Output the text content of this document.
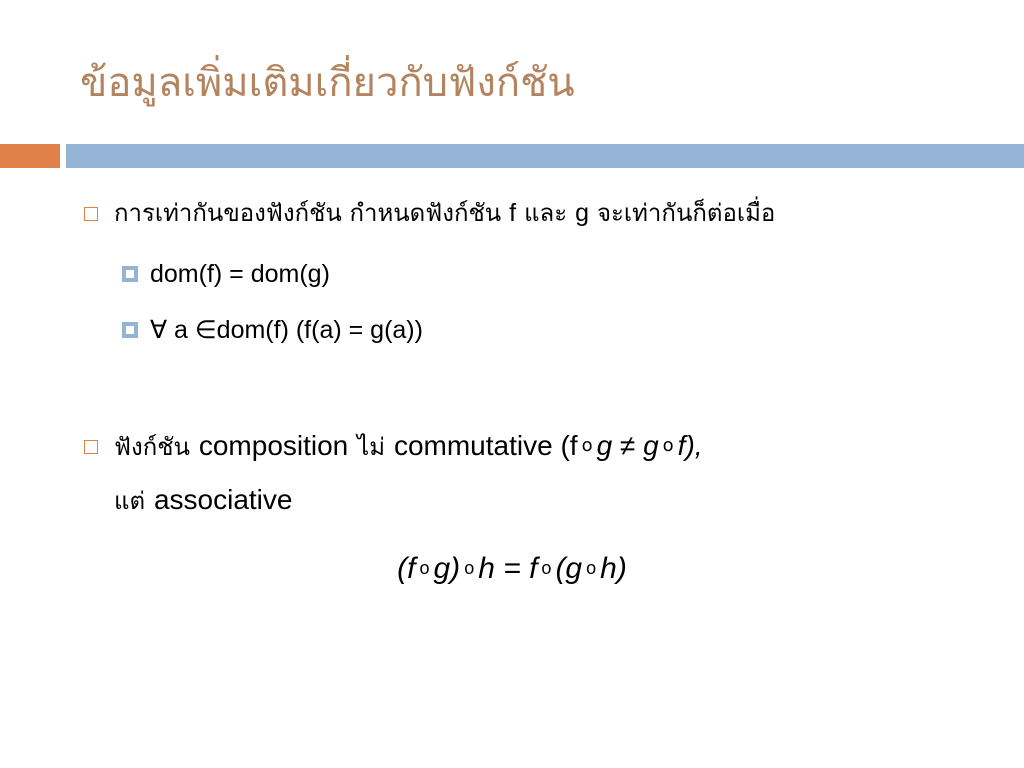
ข้อมูลเพิ่มเติมเกี่ยวกับฟังก์ชัน
การเท่ากันของฟังก์ชัน กำหนดฟังก์ชัน f และ g จะเท่ากันก็ต่อเมื่อ
dom(f) = dom(g)
∀ a ∈dom(f) (f(a) = g(a))
ฟังก์ชัน composition ไม่ commutative (f o g ≠ g o f),
แต่ associative
(fo g) o h = f o (g o h)
